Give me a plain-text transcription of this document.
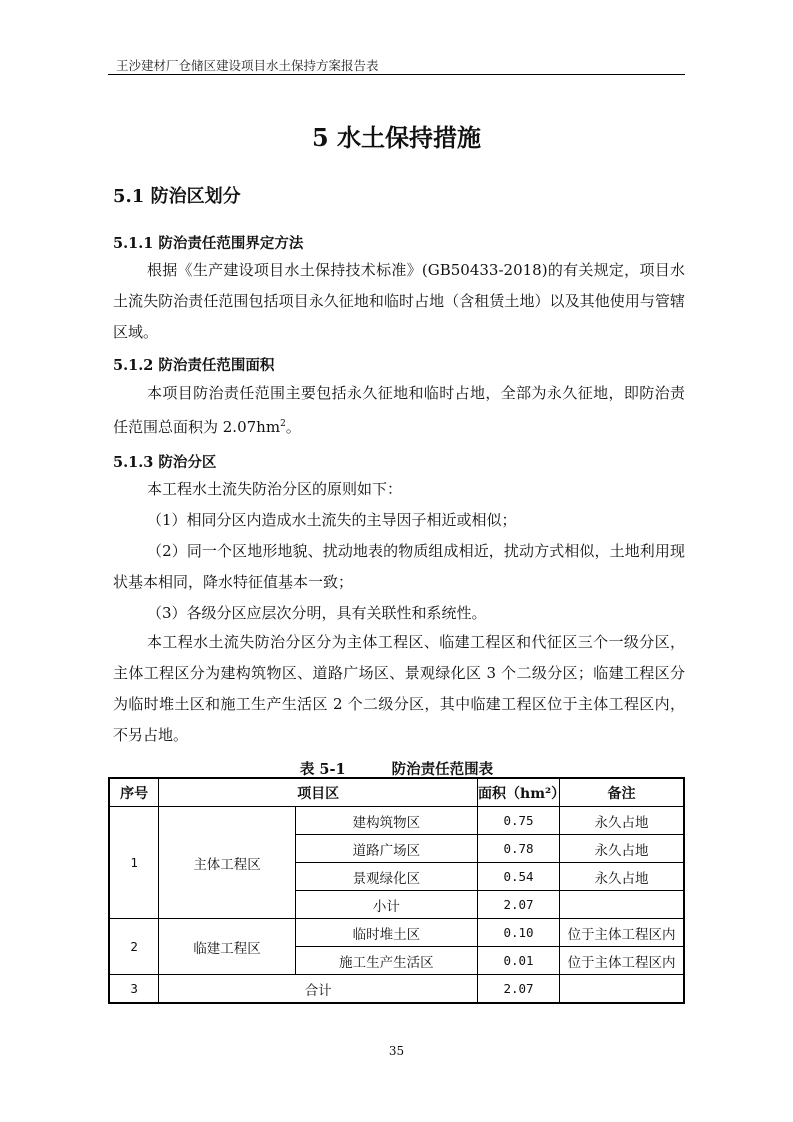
王沙建材厂仓储区建设项目水土保持方案报告表
5 水土保持措施
5.1 防治区划分
5.1.1 防治责任范围界定方法
根据《生产建设项目水土保持技术标准》(GB50433-2018)的有关规定，项目水土流失防治责任范围包括项目永久征地和临时占地（含租赁土地）以及其他使用与管辖区域。
5.1.2 防治责任范围面积
本项目防治责任范围主要包括永久征地和临时占地，全部为永久征地，即防治责任范围总面积为 $2.07hm^2$。
5.1.3 防治分区
本工程水土流失防治分区的原则如下：
（1）相同分区内造成水土流失的主导因子相近或相似；
（2）同一个区地形地貌、扰动地表的物质组成相近，扰动方式相似，土地利用现状基本相同，降水特征值基本一致；
（3）各级分区应层次分明，具有关联性和系统性。
本工程水土流失防治分区分为主体工程区、临建工程区和代征区三个一级分区，主体工程区分为建构筑物区、道路广场区、景观绿化区 3 个二级分区；临建工程区分为临时堆土区和施工生产生活区 2 个二级分区，其中临建工程区位于主体工程区内，不另占地。
表 5-1	防治责任范围表
序号	项目区		面积（hm²）	备注
1	主体工程区	建构筑物区	0.75	永久占地
		道路广场区	0.78	永久占地
		景观绿化区	0.54	永久占地
		小计	2.07	
2	临建工程区	临时堆土区	0.10	位于主体工程区内
		施工生产生活区	0.01	位于主体工程区内
3	合计		2.07	
35
